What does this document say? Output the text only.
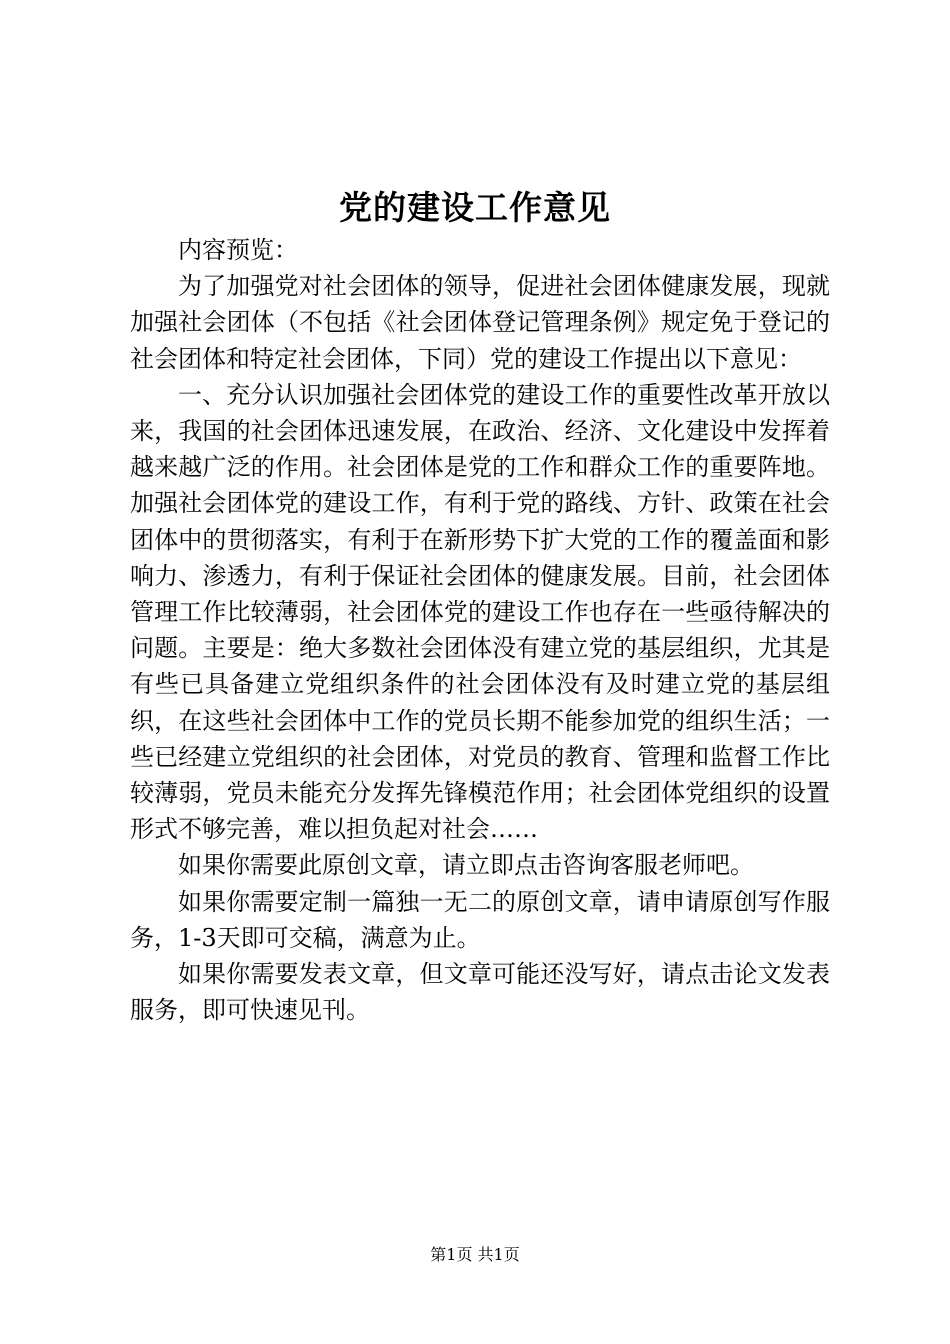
党的建设工作意见

内容预览：

为了加强党对社会团体的领导，促进社会团体健康发展，现就加强社会团体（不包括《社会团体登记管理条例》规定免于登记的社会团体和特定社会团体，下同）党的建设工作提出以下意见：

一、充分认识加强社会团体党的建设工作的重要性改革开放以来，我国的社会团体迅速发展，在政治、经济、文化建设中发挥着越来越广泛的作用。社会团体是党的工作和群众工作的重要阵地。加强社会团体党的建设工作，有利于党的路线、方针、政策在社会团体中的贯彻落实，有利于在新形势下扩大党的工作的覆盖面和影响力、渗透力，有利于保证社会团体的健康发展。目前，社会团体管理工作比较薄弱，社会团体党的建设工作也存在一些亟待解决的问题。主要是：绝大多数社会团体没有建立党的基层组织，尤其是有些已具备建立党组织条件的社会团体没有及时建立党的基层组织，在这些社会团体中工作的党员长期不能参加党的组织生活；一些已经建立党组织的社会团体，对党员的教育、管理和监督工作比较薄弱，党员未能充分发挥先锋模范作用；社会团体党组织的设置形式不够完善，难以担负起对社会……

如果你需要此原创文章，请立即点击咨询客服老师吧。

如果你需要定制一篇独一无二的原创文章，请申请原创写作服务，1-3天即可交稿，满意为止。

如果你需要发表文章，但文章可能还没写好，请点击论文发表服务，即可快速见刊。

第1页 共1页
